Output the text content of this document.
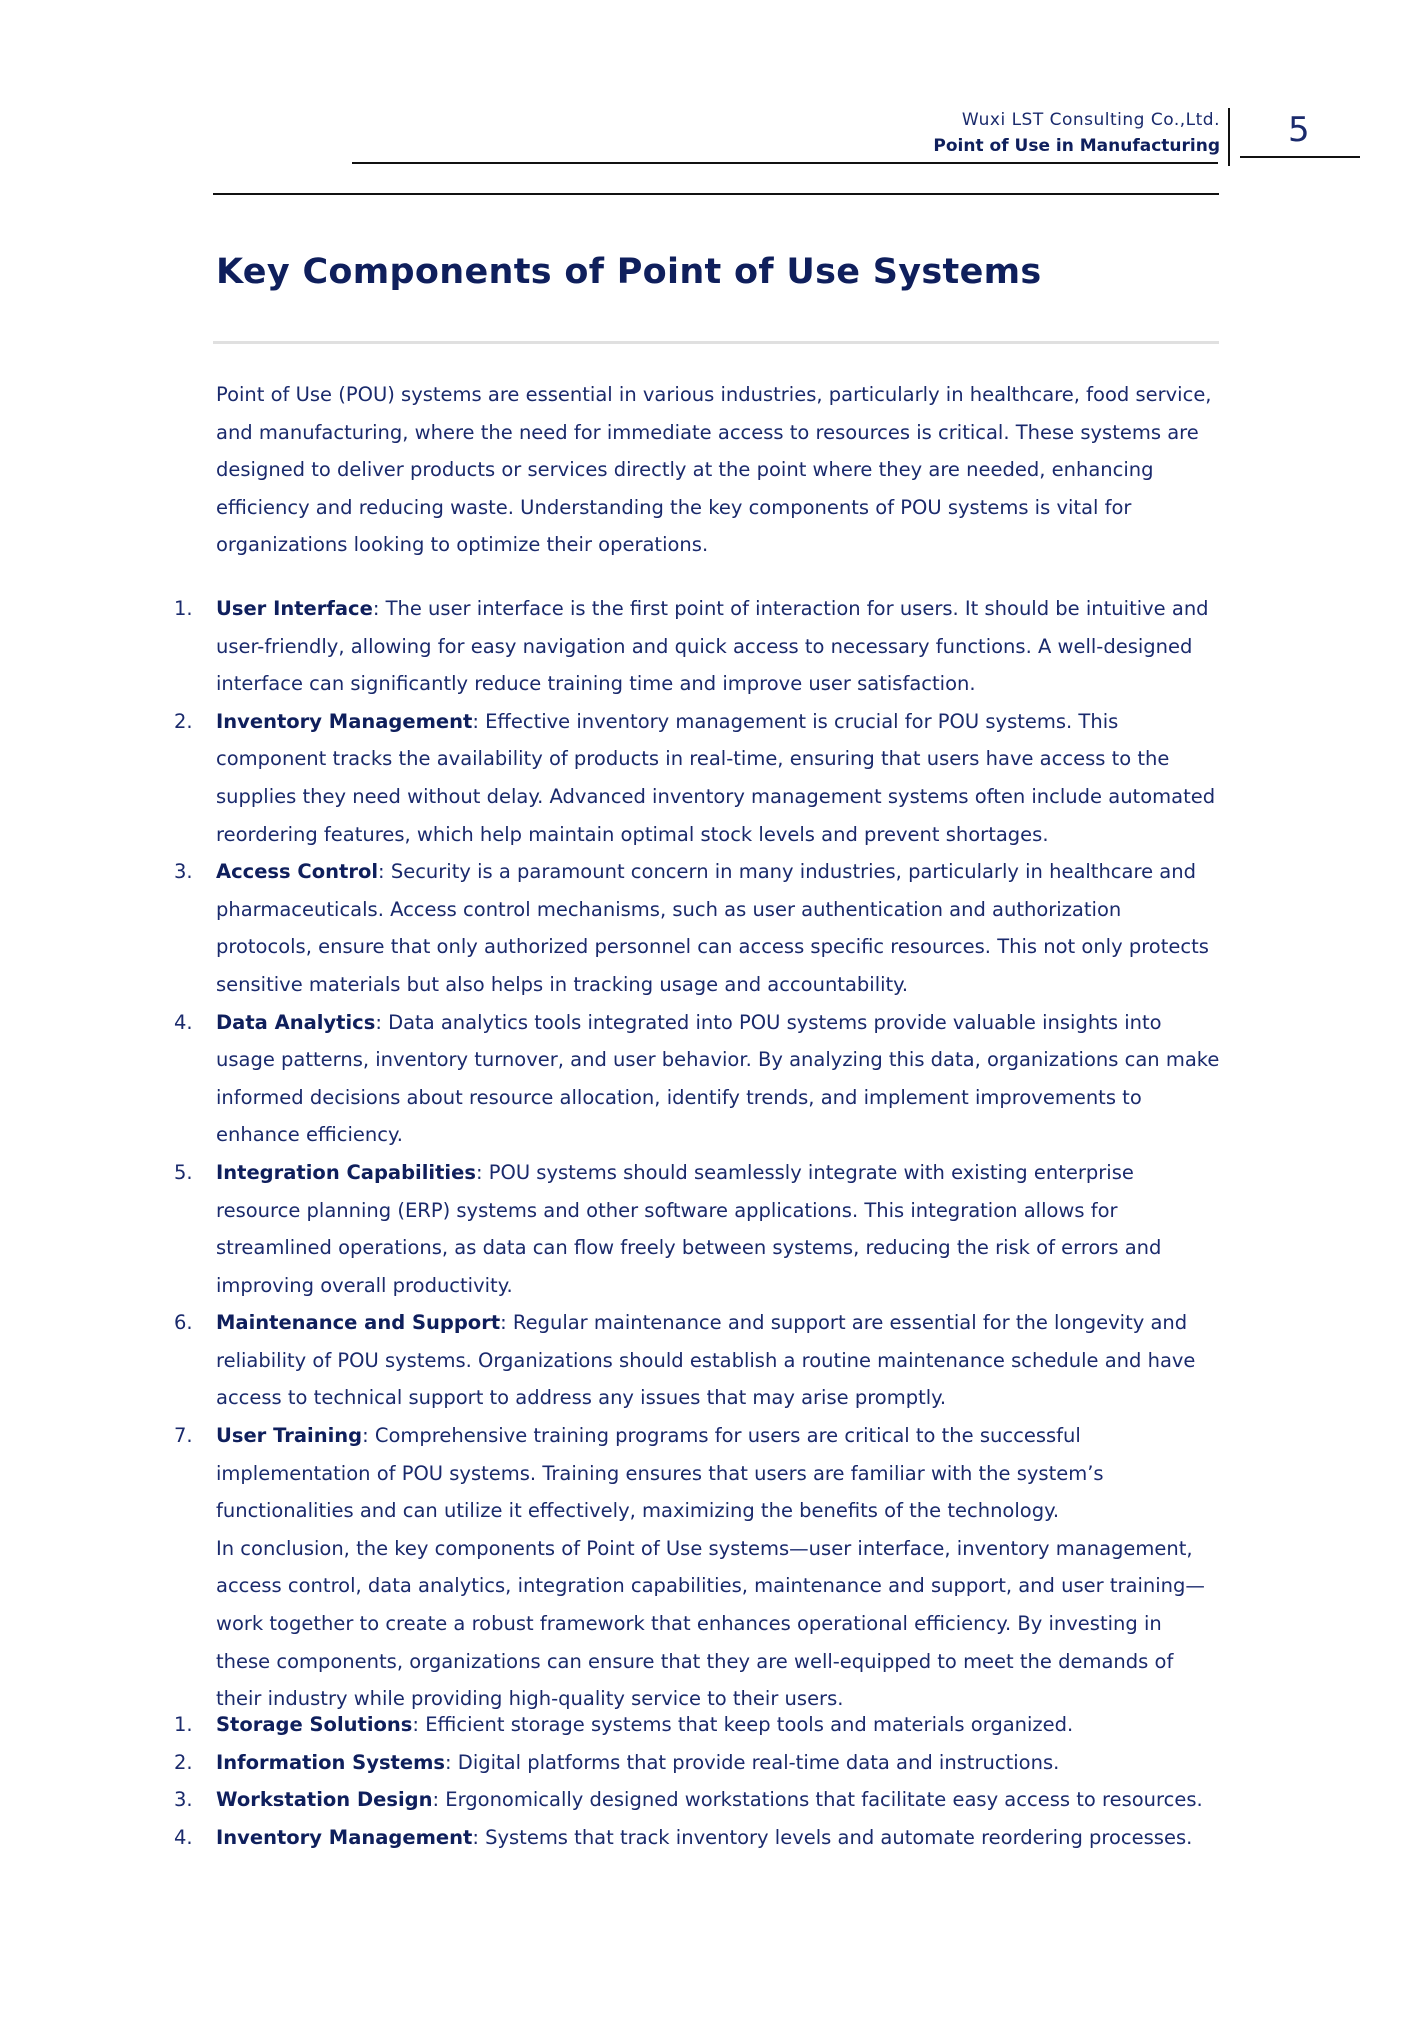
Wuxi LST Consulting Co.,Ltd.
Point of Use in Manufacturing 5
Key Components of Point of Use Systems

Point of Use (POU) systems are essential in various industries, particularly in healthcare, food service, and manufacturing, where the need for immediate access to resources is critical. These systems are designed to deliver products or services directly at the point where they are needed, enhancing efficiency and reducing waste. Understanding the key components of POU systems is vital for organizations looking to optimize their operations.

1.	User Interface: The user interface is the first point of interaction for users. It should be intuitive and user-friendly, allowing for easy navigation and quick access to necessary functions. A well-designed interface can significantly reduce training time and improve user satisfaction.
2.	Inventory Management: Effective inventory management is crucial for POU systems. This component tracks the availability of products in real-time, ensuring that users have access to the supplies they need without delay. Advanced inventory management systems often include automated reordering features, which help maintain optimal stock levels and prevent shortages.
3.	Access Control: Security is a paramount concern in many industries, particularly in healthcare and pharmaceuticals. Access control mechanisms, such as user authentication and authorization protocols, ensure that only authorized personnel can access specific resources. This not only protects sensitive materials but also helps in tracking usage and accountability.
4.	Data Analytics: Data analytics tools integrated into POU systems provide valuable insights into usage patterns, inventory turnover, and user behavior. By analyzing this data, organizations can make informed decisions about resource allocation, identify trends, and implement improvements to enhance efficiency.
5.	Integration Capabilities: POU systems should seamlessly integrate with existing enterprise resource planning (ERP) systems and other software applications. This integration allows for streamlined operations, as data can flow freely between systems, reducing the risk of errors and improving overall productivity.
6.	Maintenance and Support: Regular maintenance and support are essential for the longevity and reliability of POU systems. Organizations should establish a routine maintenance schedule and have access to technical support to address any issues that may arise promptly.
7.	User Training: Comprehensive training programs for users are critical to the successful implementation of POU systems. Training ensures that users are familiar with the system’s functionalities and can utilize it effectively, maximizing the benefits of the technology.
In conclusion, the key components of Point of Use systems—user interface, inventory management, access control, data analytics, integration capabilities, maintenance and support, and user training—work together to create a robust framework that enhances operational efficiency. By investing in these components, organizations can ensure that they are well-equipped to meet the demands of their industry while providing high-quality service to their users.
1.	Storage Solutions: Efficient storage systems that keep tools and materials organized.
2.	Information Systems: Digital platforms that provide real-time data and instructions.
3.	Workstation Design: Ergonomically designed workstations that facilitate easy access to resources.
4.	Inventory Management: Systems that track inventory levels and automate reordering processes.
